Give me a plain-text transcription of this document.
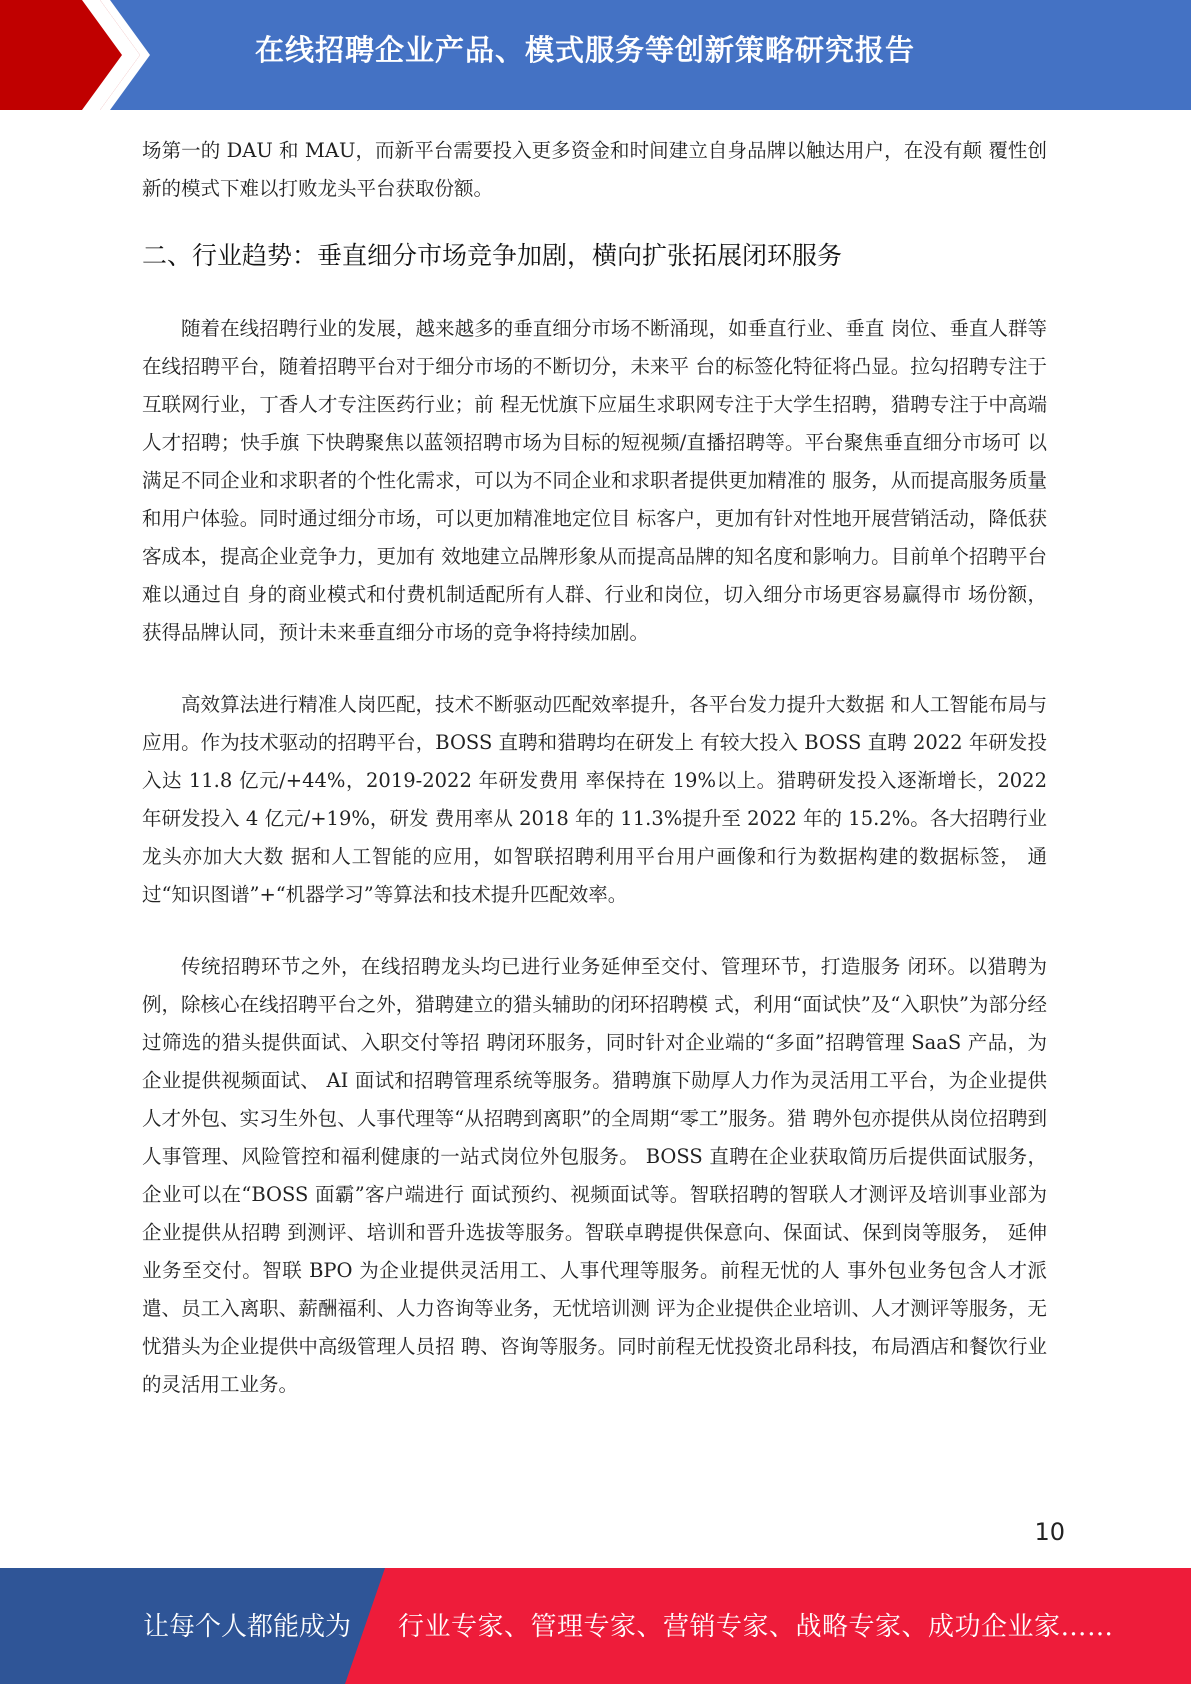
在线招聘企业产品、模式服务等创新策略研究报告

场第一的 DAU 和 MAU，而新平台需要投入更多资金和时间建立自身品牌以触达用户，在没有颠 覆性创新的模式下难以打败龙头平台获取份额。

二、行业趋势：垂直细分市场竞争加剧，横向扩张拓展闭环服务

随着在线招聘行业的发展，越来越多的垂直细分市场不断涌现，如垂直行业、垂直 岗位、垂直人群等在线招聘平台，随着招聘平台对于细分市场的不断切分，未来平 台的标签化特征将凸显。拉勾招聘专注于互联网行业，丁香人才专注医药行业；前 程无忧旗下应届生求职网专注于大学生招聘，猎聘专注于中高端人才招聘；快手旗 下快聘聚焦以蓝领招聘市场为目标的短视频/直播招聘等。平台聚焦垂直细分市场可 以满足不同企业和求职者的个性化需求，可以为不同企业和求职者提供更加精准的 服务，从而提高服务质量和用户体验。同时通过细分市场，可以更加精准地定位目 标客户，更加有针对性地开展营销活动，降低获客成本，提高企业竞争力，更加有 效地建立品牌形象从而提高品牌的知名度和影响力。目前单个招聘平台难以通过自 身的商业模式和付费机制适配所有人群、行业和岗位，切入细分市场更容易赢得市 场份额，获得品牌认同，预计未来垂直细分市场的竞争将持续加剧。

高效算法进行精准人岗匹配，技术不断驱动匹配效率提升，各平台发力提升大数据 和人工智能布局与应用。作为技术驱动的招聘平台，BOSS 直聘和猎聘均在研发上 有较大投入 BOSS 直聘 2022 年研发投入达 11.8 亿元/+44%，2019-2022 年研发费用 率保持在 19%以上。猎聘研发投入逐渐增长，2022 年研发投入 4 亿元/+19%，研发 费用率从 2018 年的 11.3%提升至 2022 年的 15.2%。各大招聘行业龙头亦加大大数 据和人工智能的应用，如智联招聘利用平台用户画像和行为数据构建的数据标签， 通过“知识图谱”+“机器学习”等算法和技术提升匹配效率。

传统招聘环节之外，在线招聘龙头均已进行业务延伸至交付、管理环节，打造服务 闭环。以猎聘为例，除核心在线招聘平台之外，猎聘建立的猎头辅助的闭环招聘模 式，利用“面试快”及“入职快”为部分经过筛选的猎头提供面试、入职交付等招 聘闭环服务，同时针对企业端的“多面”招聘管理 SaaS 产品，为企业提供视频面试、 AI 面试和招聘管理系统等服务。猎聘旗下勋厚人力作为灵活用工平台，为企业提供 人才外包、实习生外包、人事代理等“从招聘到离职”的全周期“零工”服务。猎 聘外包亦提供从岗位招聘到人事管理、风险管控和福利健康的一站式岗位外包服务。 BOSS 直聘在企业获取简历后提供面试服务，企业可以在“BOSS 面霸”客户端进行 面试预约、视频面试等。智联招聘的智联人才测评及培训事业部为企业提供从招聘 到测评、培训和晋升选拔等服务。智联卓聘提供保意向、保面试、保到岗等服务， 延伸业务至交付。智联 BPO 为企业提供灵活用工、人事代理等服务。前程无忧的人 事外包业务包含人才派遣、员工入离职、薪酬福利、人力咨询等业务，无忧培训测 评为企业提供企业培训、人才测评等服务，无忧猎头为企业提供中高级管理人员招 聘、咨询等服务。同时前程无忧投资北昂科技，布局酒店和餐饮行业的灵活用工业务。

10
让每个人都能成为 行业专家、管理专家、营销专家、战略专家、成功企业家……
